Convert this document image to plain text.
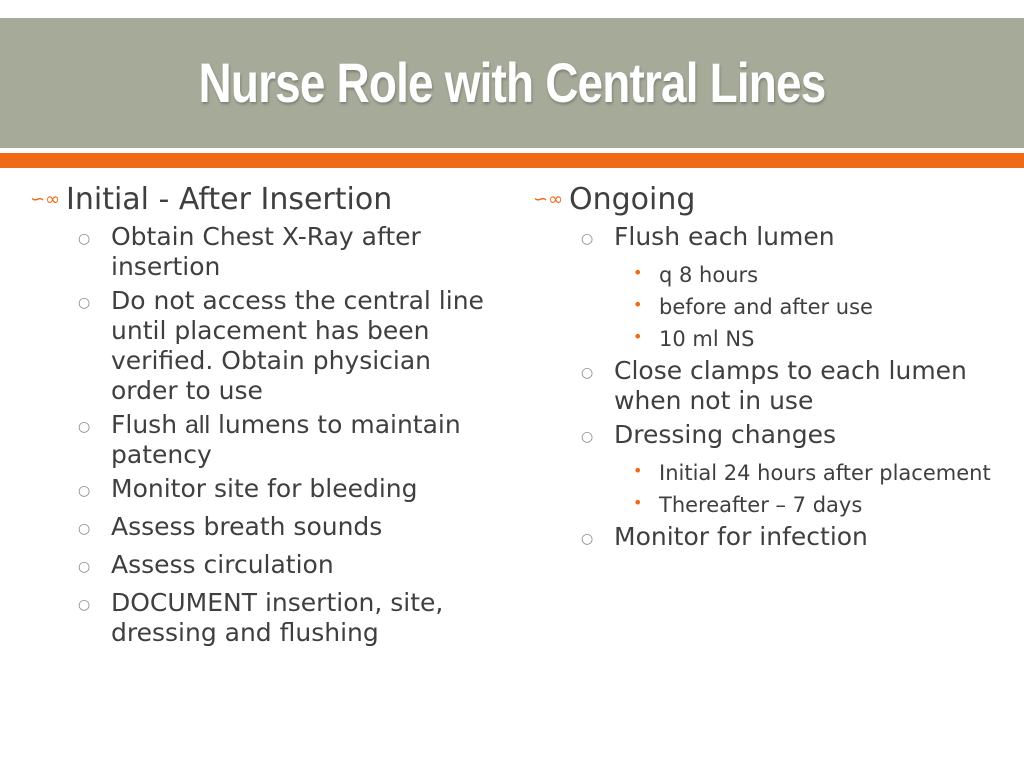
Nurse Role with Central Lines
∽∞ Initial - After Insertion
○ Obtain Chest X-Ray after insertion
○ Do not access the central line until placement has been verified. Obtain physician order to use
○ Flush all lumens to maintain patency
○ Monitor site for bleeding
○ Assess breath sounds
○ Assess circulation
○ DOCUMENT insertion, site, dressing and flushing
∽∞ Ongoing
○ Flush each lumen
• q 8 hours
• before and after use
• 10 ml NS
○ Close clamps to each lumen when not in use
○ Dressing changes
• Initial 24 hours after placement
• Thereafter – 7 days
○ Monitor for infection
